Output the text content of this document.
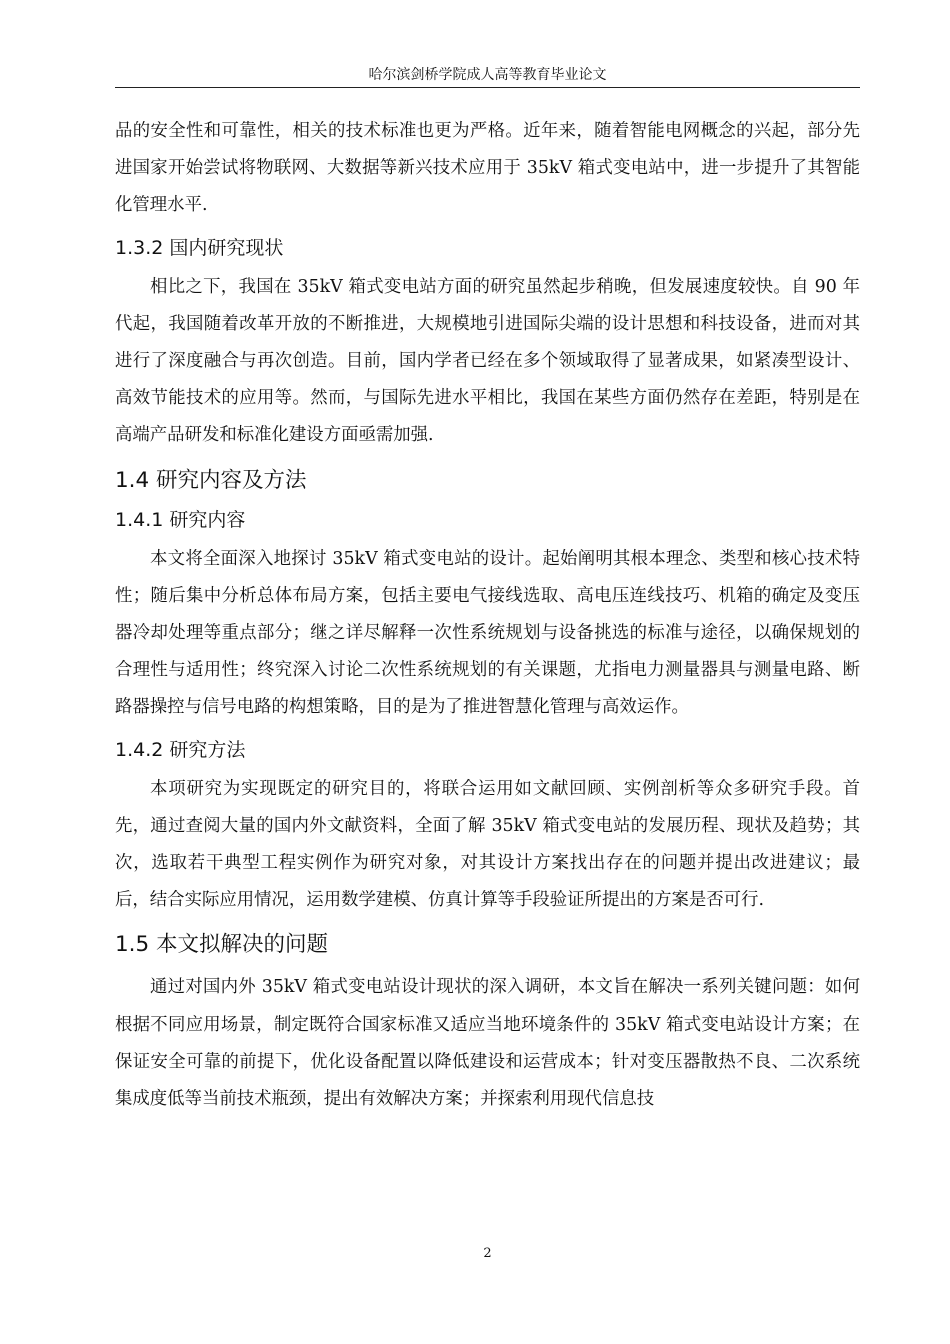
哈尔滨剑桥学院成人高等教育毕业论文

品的安全性和可靠性，相关的技术标准也更为严格。近年来，随着智能电网概念的兴起，部分先进国家开始尝试将物联网、大数据等新兴技术应用于 35kV 箱式变电站中，进一步提升了其智能化管理水平.

1.3.2 国内研究现状

相比之下，我国在 35kV 箱式变电站方面的研究虽然起步稍晚，但发展速度较快。自 90 年代起，我国随着改革开放的不断推进，大规模地引进国际尖端的设计思想和科技设备，进而对其进行了深度融合与再次创造。目前，国内学者已经在多个领域取得了显著成果，如紧凑型设计、高效节能技术的应用等。然而，与国际先进水平相比，我国在某些方面仍然存在差距，特别是在高端产品研发和标准化建设方面亟需加强.

1.4 研究内容及方法
1.4.1 研究内容

本文将全面深入地探讨 35kV 箱式变电站的设计。起始阐明其根本理念、类型和核心技术特性；随后集中分析总体布局方案，包括主要电气接线选取、高电压连线技巧、机箱的确定及变压器冷却处理等重点部分；继之详尽解释一次性系统规划与设备挑选的标准与途径，以确保规划的合理性与适用性；终究深入讨论二次性系统规划的有关课题，尤指电力测量器具与测量电路、断路器操控与信号电路的构想策略，目的是为了推进智慧化管理与高效运作。

1.4.2 研究方法

本项研究为实现既定的研究目的，将联合运用如文献回顾、实例剖析等众多研究手段。首先，通过查阅大量的国内外文献资料，全面了解 35kV 箱式变电站的发展历程、现状及趋势；其次，选取若干典型工程实例作为研究对象，对其设计方案找出存在的问题并提出改进建议；最后，结合实际应用情况，运用数学建模、仿真计算等手段验证所提出的方案是否可行.

1.5 本文拟解决的问题

通过对国内外 35kV 箱式变电站设计现状的深入调研，本文旨在解决一系列关键问题：如何根据不同应用场景，制定既符合国家标准又适应当地环境条件的 35kV 箱式变电站设计方案；在保证安全可靠的前提下，优化设备配置以降低建设和运营成本；针对变压器散热不良、二次系统集成度低等当前技术瓶颈，提出有效解决方案；并探索利用现代信息技

2
